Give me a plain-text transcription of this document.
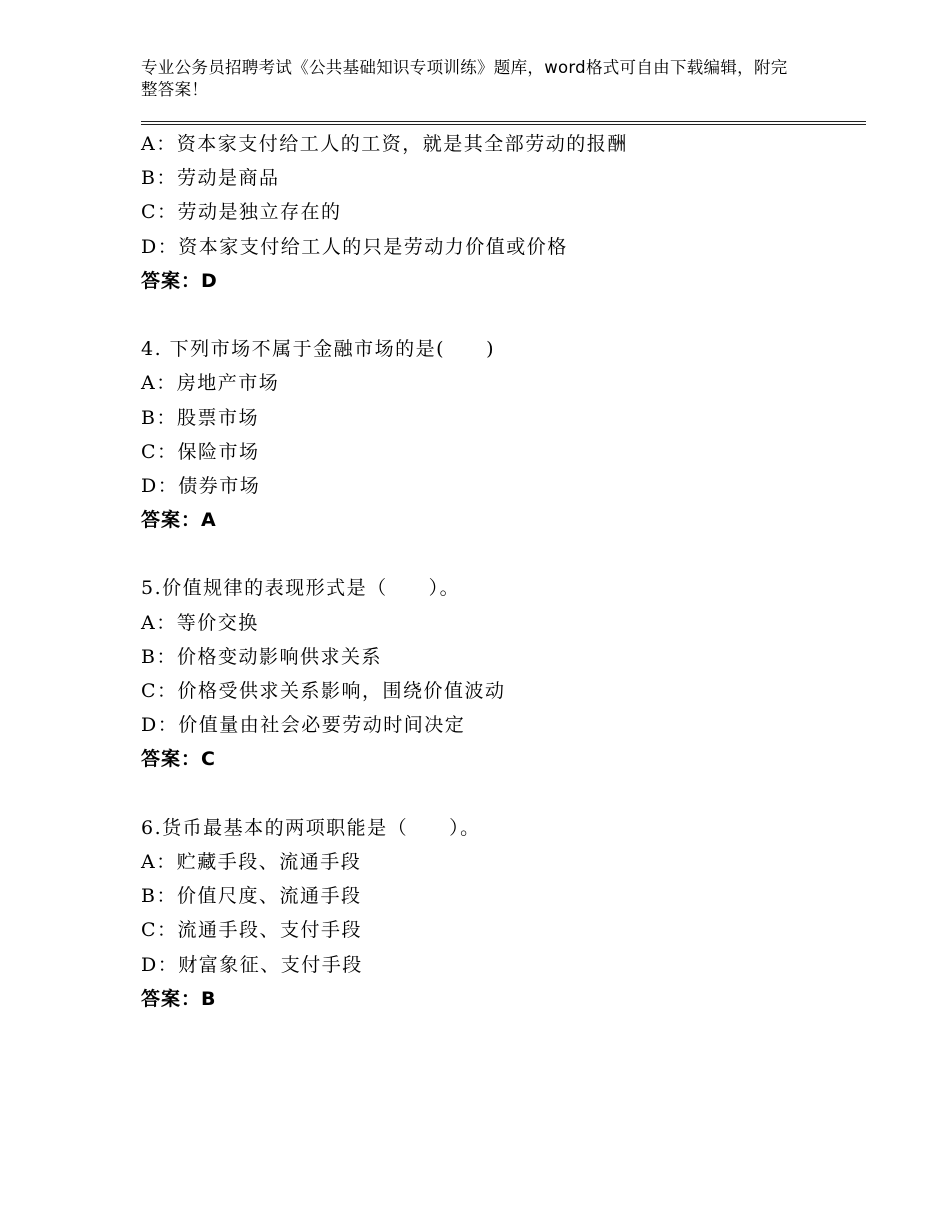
专业公务员招聘考试《公共基础知识专项训练》题库，word格式可自由下载编辑，附完整答案！
A：资本家支付给工人的工资，就是其全部劳动的报酬
B：劳动是商品
C：劳动是独立存在的
D：资本家支付给工人的只是劳动力价值或价格
答案：D
4. 下列市场不属于金融市场的是(　　)
A：房地产市场
B：股票市场
C：保险市场
D：债券市场
答案：A
5.价值规律的表现形式是（　　）。
A：等价交换
B：价格变动影响供求关系
C：价格受供求关系影响，围绕价值波动
D：价值量由社会必要劳动时间决定
答案：C
6.货币最基本的两项职能是（　　）。
A：贮藏手段、流通手段
B：价值尺度、流通手段
C：流通手段、支付手段
D：财富象征、支付手段
答案：B
